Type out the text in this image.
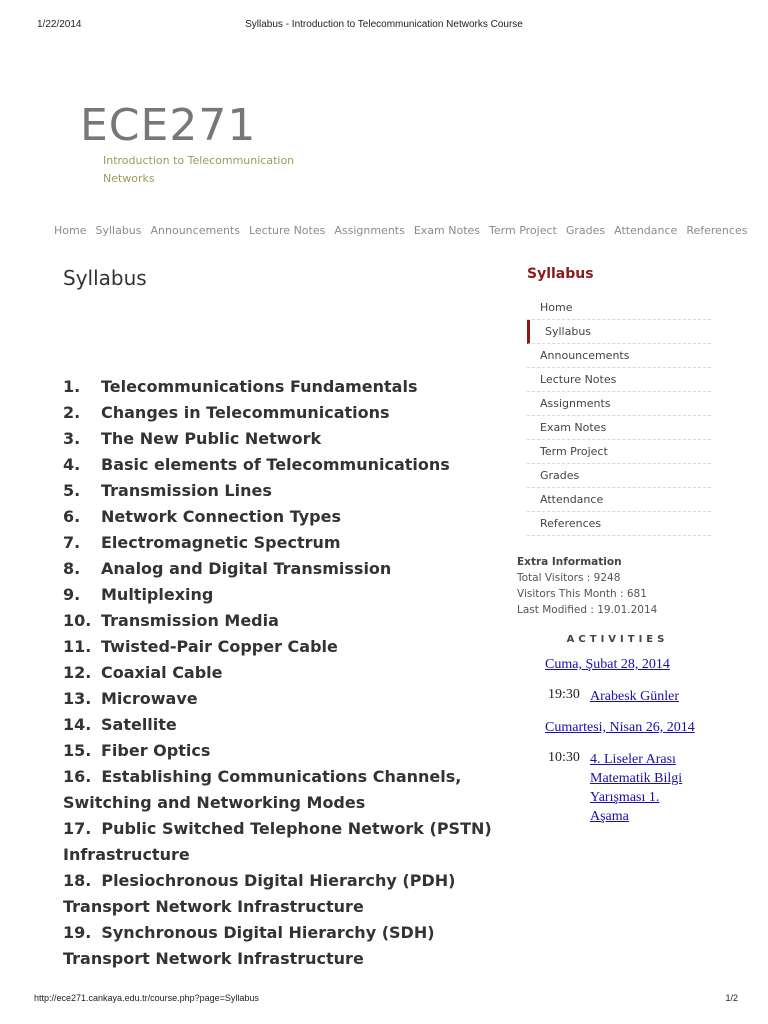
1/22/2014	Syllabus - Introduction to Telecommunication Networks Course
ECE271
Introduction to Telecommunication Networks
Home Syllabus Announcements Lecture Notes Assignments Exam Notes Term Project Grades Attendance References
Syllabus
1. Telecommunications Fundamentals
2. Changes in Telecommunications
3. The New Public Network
4. Basic elements of Telecommunications
5. Transmission Lines
6. Network Connection Types
7. Electromagnetic Spectrum
8. Analog and Digital Transmission
9. Multiplexing
10. Transmission Media
11. Twisted-Pair Copper Cable
12. Coaxial Cable
13. Microwave
14. Satellite
15. Fiber Optics
16. Establishing Communications Channels, Switching and Networking Modes
17. Public Switched Telephone Network (PSTN) Infrastructure
18. Plesiochronous Digital Hierarchy (PDH) Transport Network Infrastructure
19. Synchronous Digital Hierarchy (SDH) Transport Network Infrastructure
Syllabus
Home
Syllabus
Announcements
Lecture Notes
Assignments
Exam Notes
Term Project
Grades
Attendance
References
Extra Information
Total Visitors : 9248
Visitors This Month : 681
Last Modified : 19.01.2014
ACTIVITIES
Cuma, Şubat 28, 2014
19:30 Arabesk Günler
Cumartesi, Nisan 26, 2014
10:30 4. Liseler Arası Matematik Bilgi Yarışması 1. Aşama
http://ece271.cankaya.edu.tr/course.php?page=Syllabus	1/2
